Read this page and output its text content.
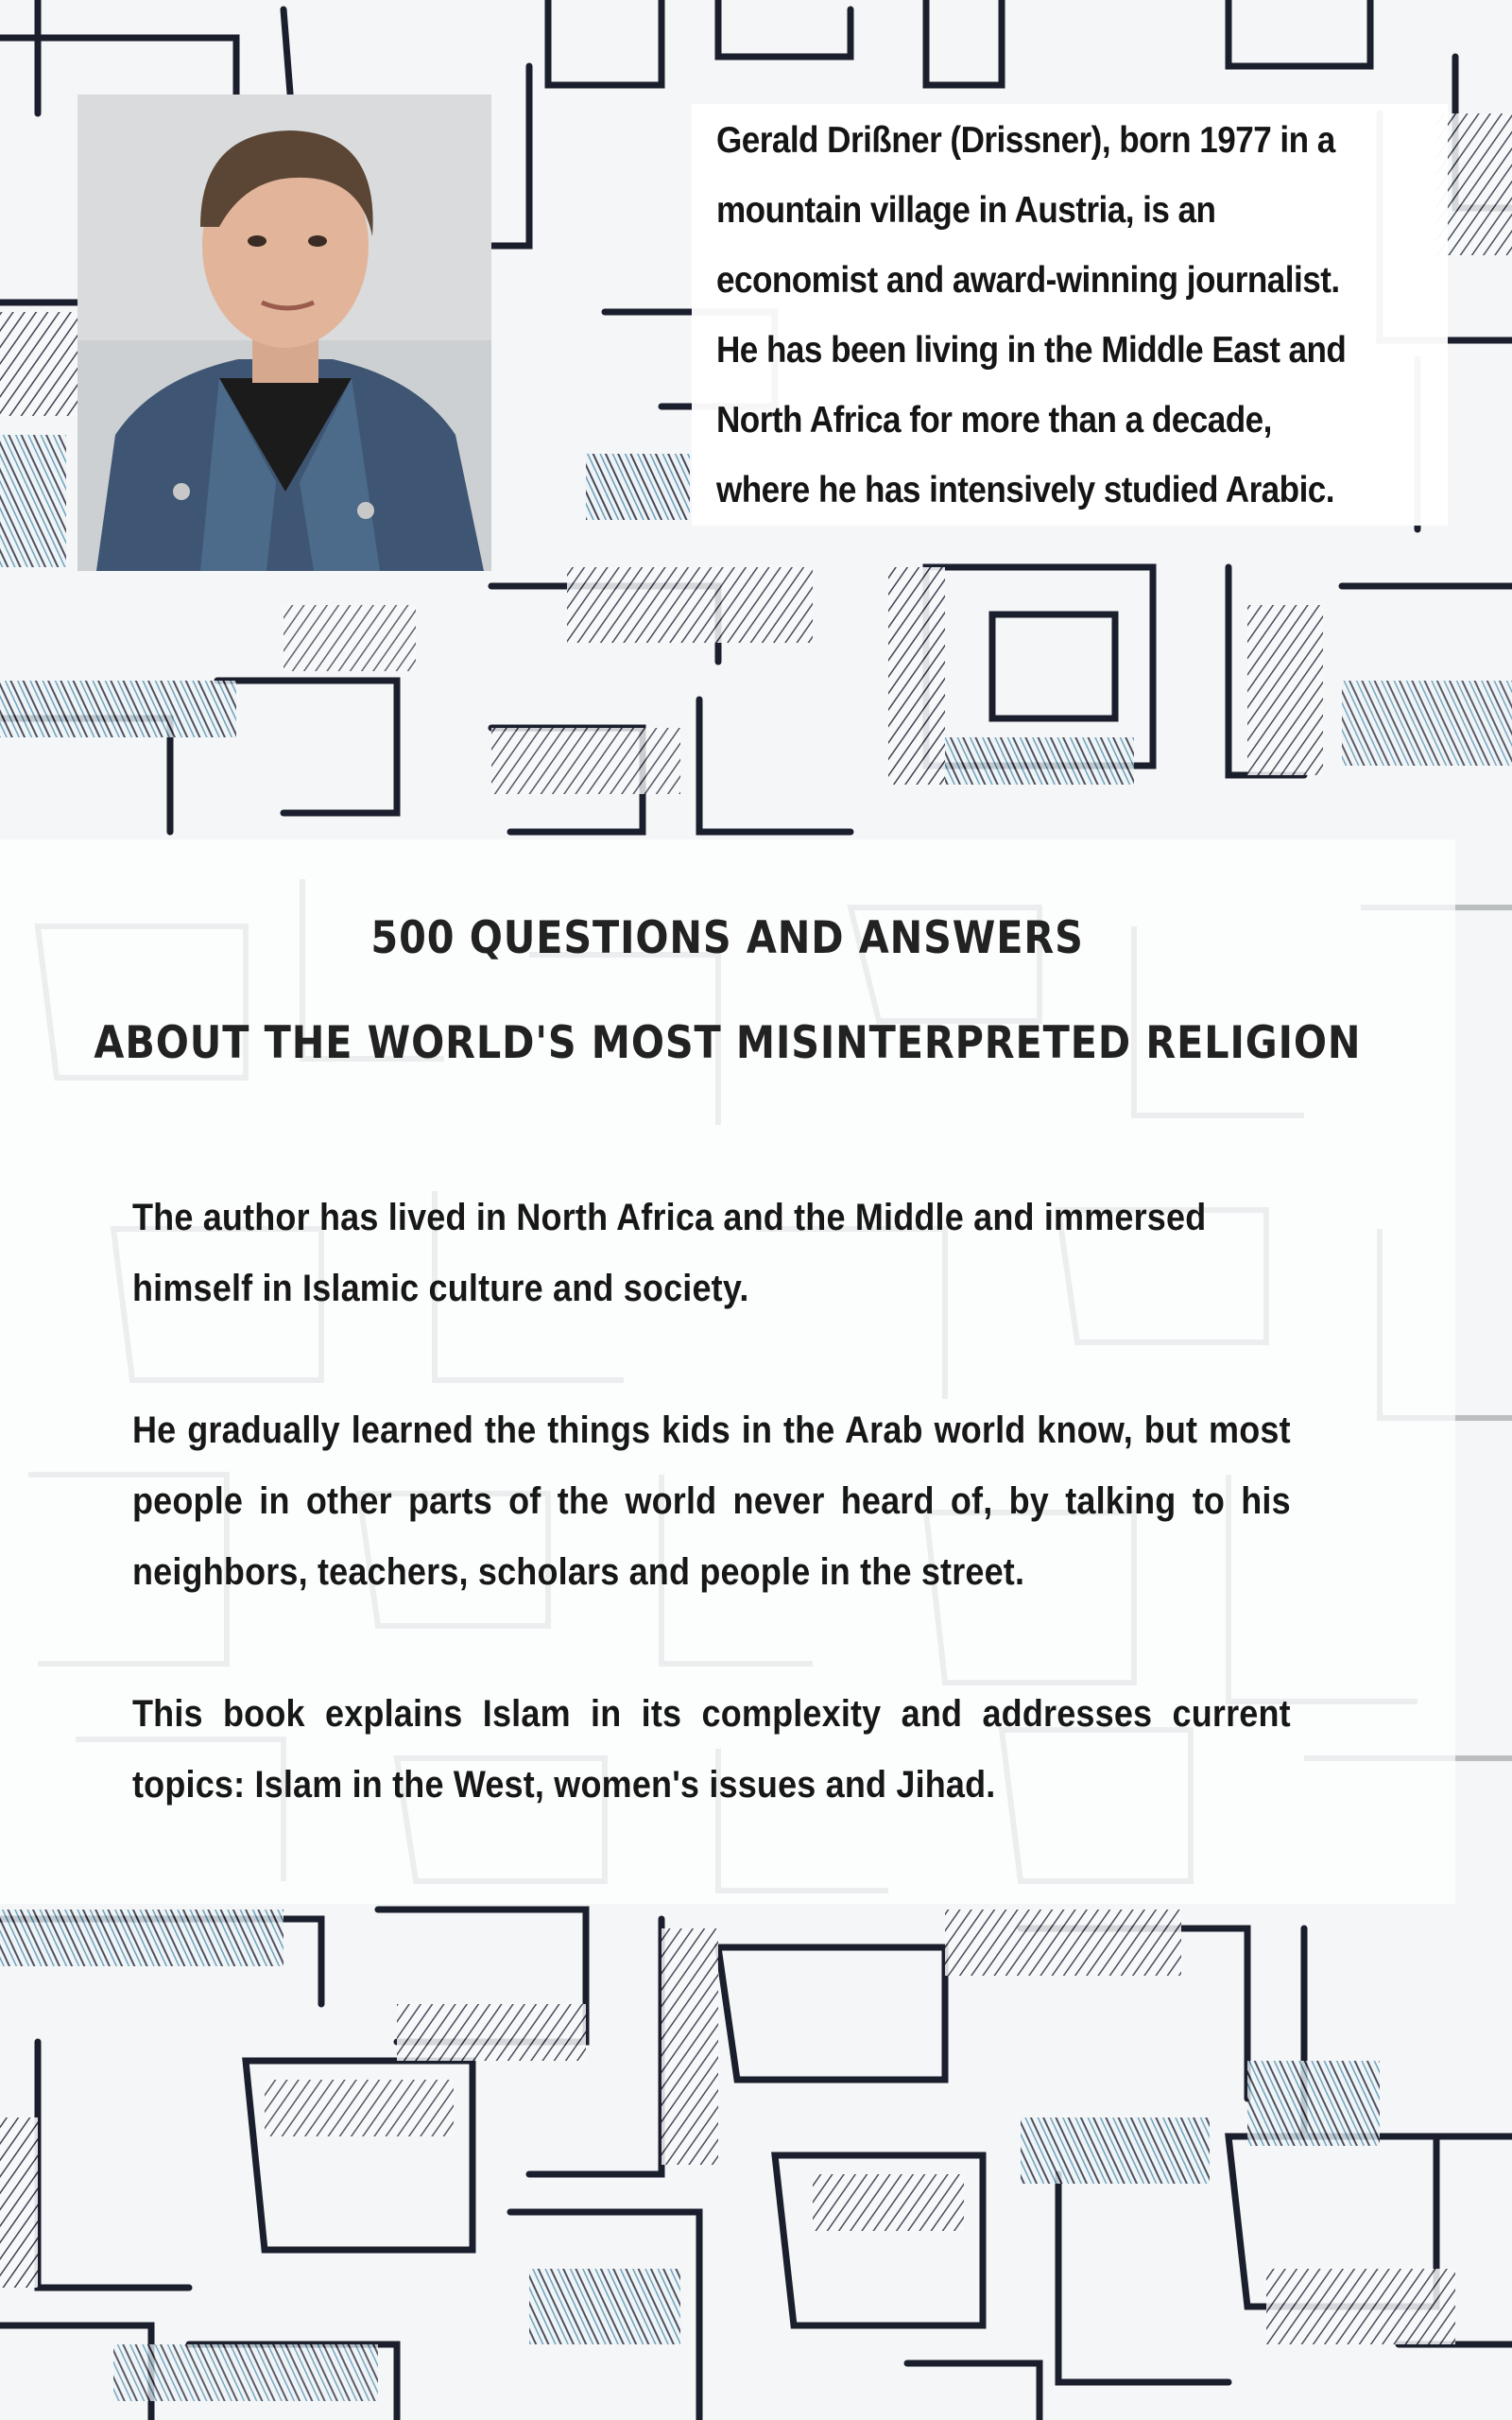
Gerald Drißner (Drissner), born 1977 in a mountain village in Austria, is an economist and award-winning journalist. He has been living in the Middle East and North Africa for more than a decade, where he has intensively studied Arabic.

500 QUESTIONS AND ANSWERS
ABOUT THE WORLD'S MOST MISINTERPRETED RELIGION

The author has lived in North Africa and the Middle and immersed himself in Islamic culture and society.

He gradually learned the things kids in the Arab world know, but most people in other parts of the world never heard of, by talking to his neighbors, teachers, scholars and people in the street.

This book explains Islam in its complexity and addresses current topics: Islam in the West, women's issues and Jihad.
